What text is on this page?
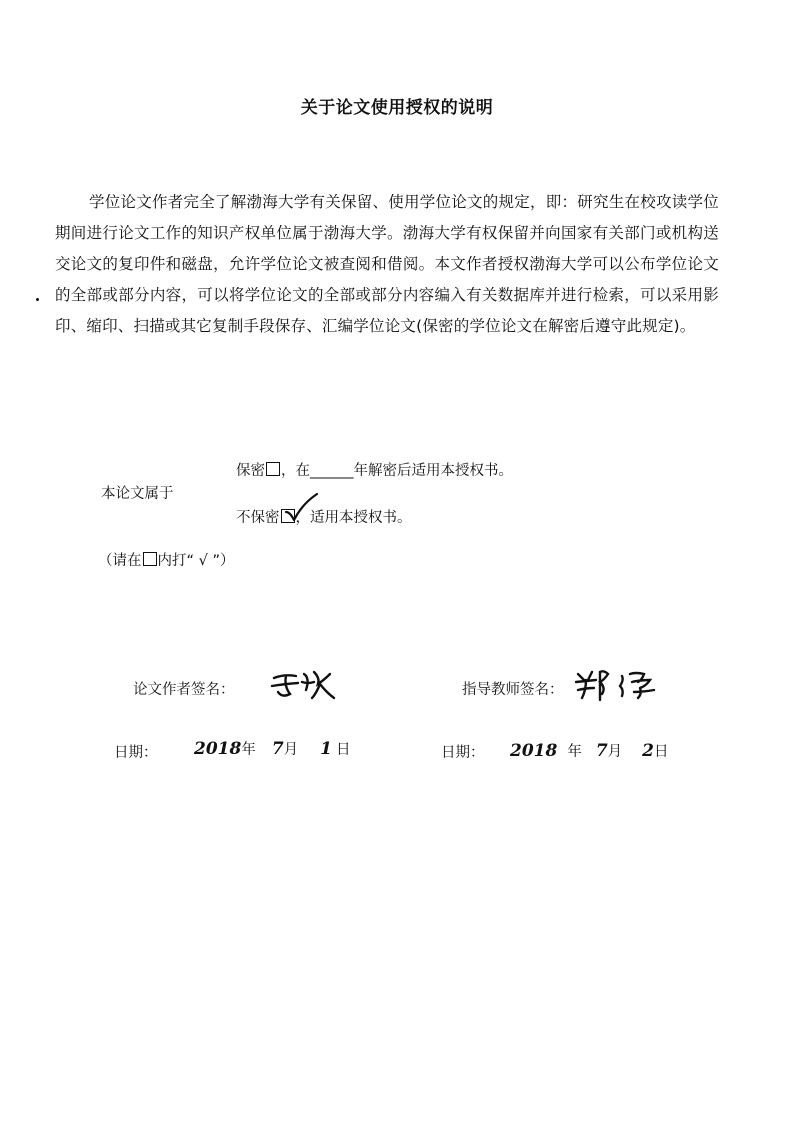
关于论文使用授权的说明
学位论文作者完全了解渤海大学有关保留、使用学位论文的规定，即：研究生在校攻读学位期间进行论文工作的知识产权单位属于渤海大学。渤海大学有权保留并向国家有关部门或机构送交论文的复印件和磁盘，允许学位论文被查阅和借阅。本文作者授权渤海大学可以公布学位论文的全部或部分内容，可以将学位论文的全部或部分内容编入有关数据库并进行检索，可以采用影印、缩印、扫描或其它复制手段保存、汇编学位论文(保密的学位论文在解密后遵守此规定)。
保密 ，在______年解密后适用本授权书。
本论文属于
不保密 ，适用本授权书。
（请在 内打“ √ ”）
论文作者签名：	指导教师签名：
日期： 2018年 7月 1 日	日期： 2018 年 7月 2日
